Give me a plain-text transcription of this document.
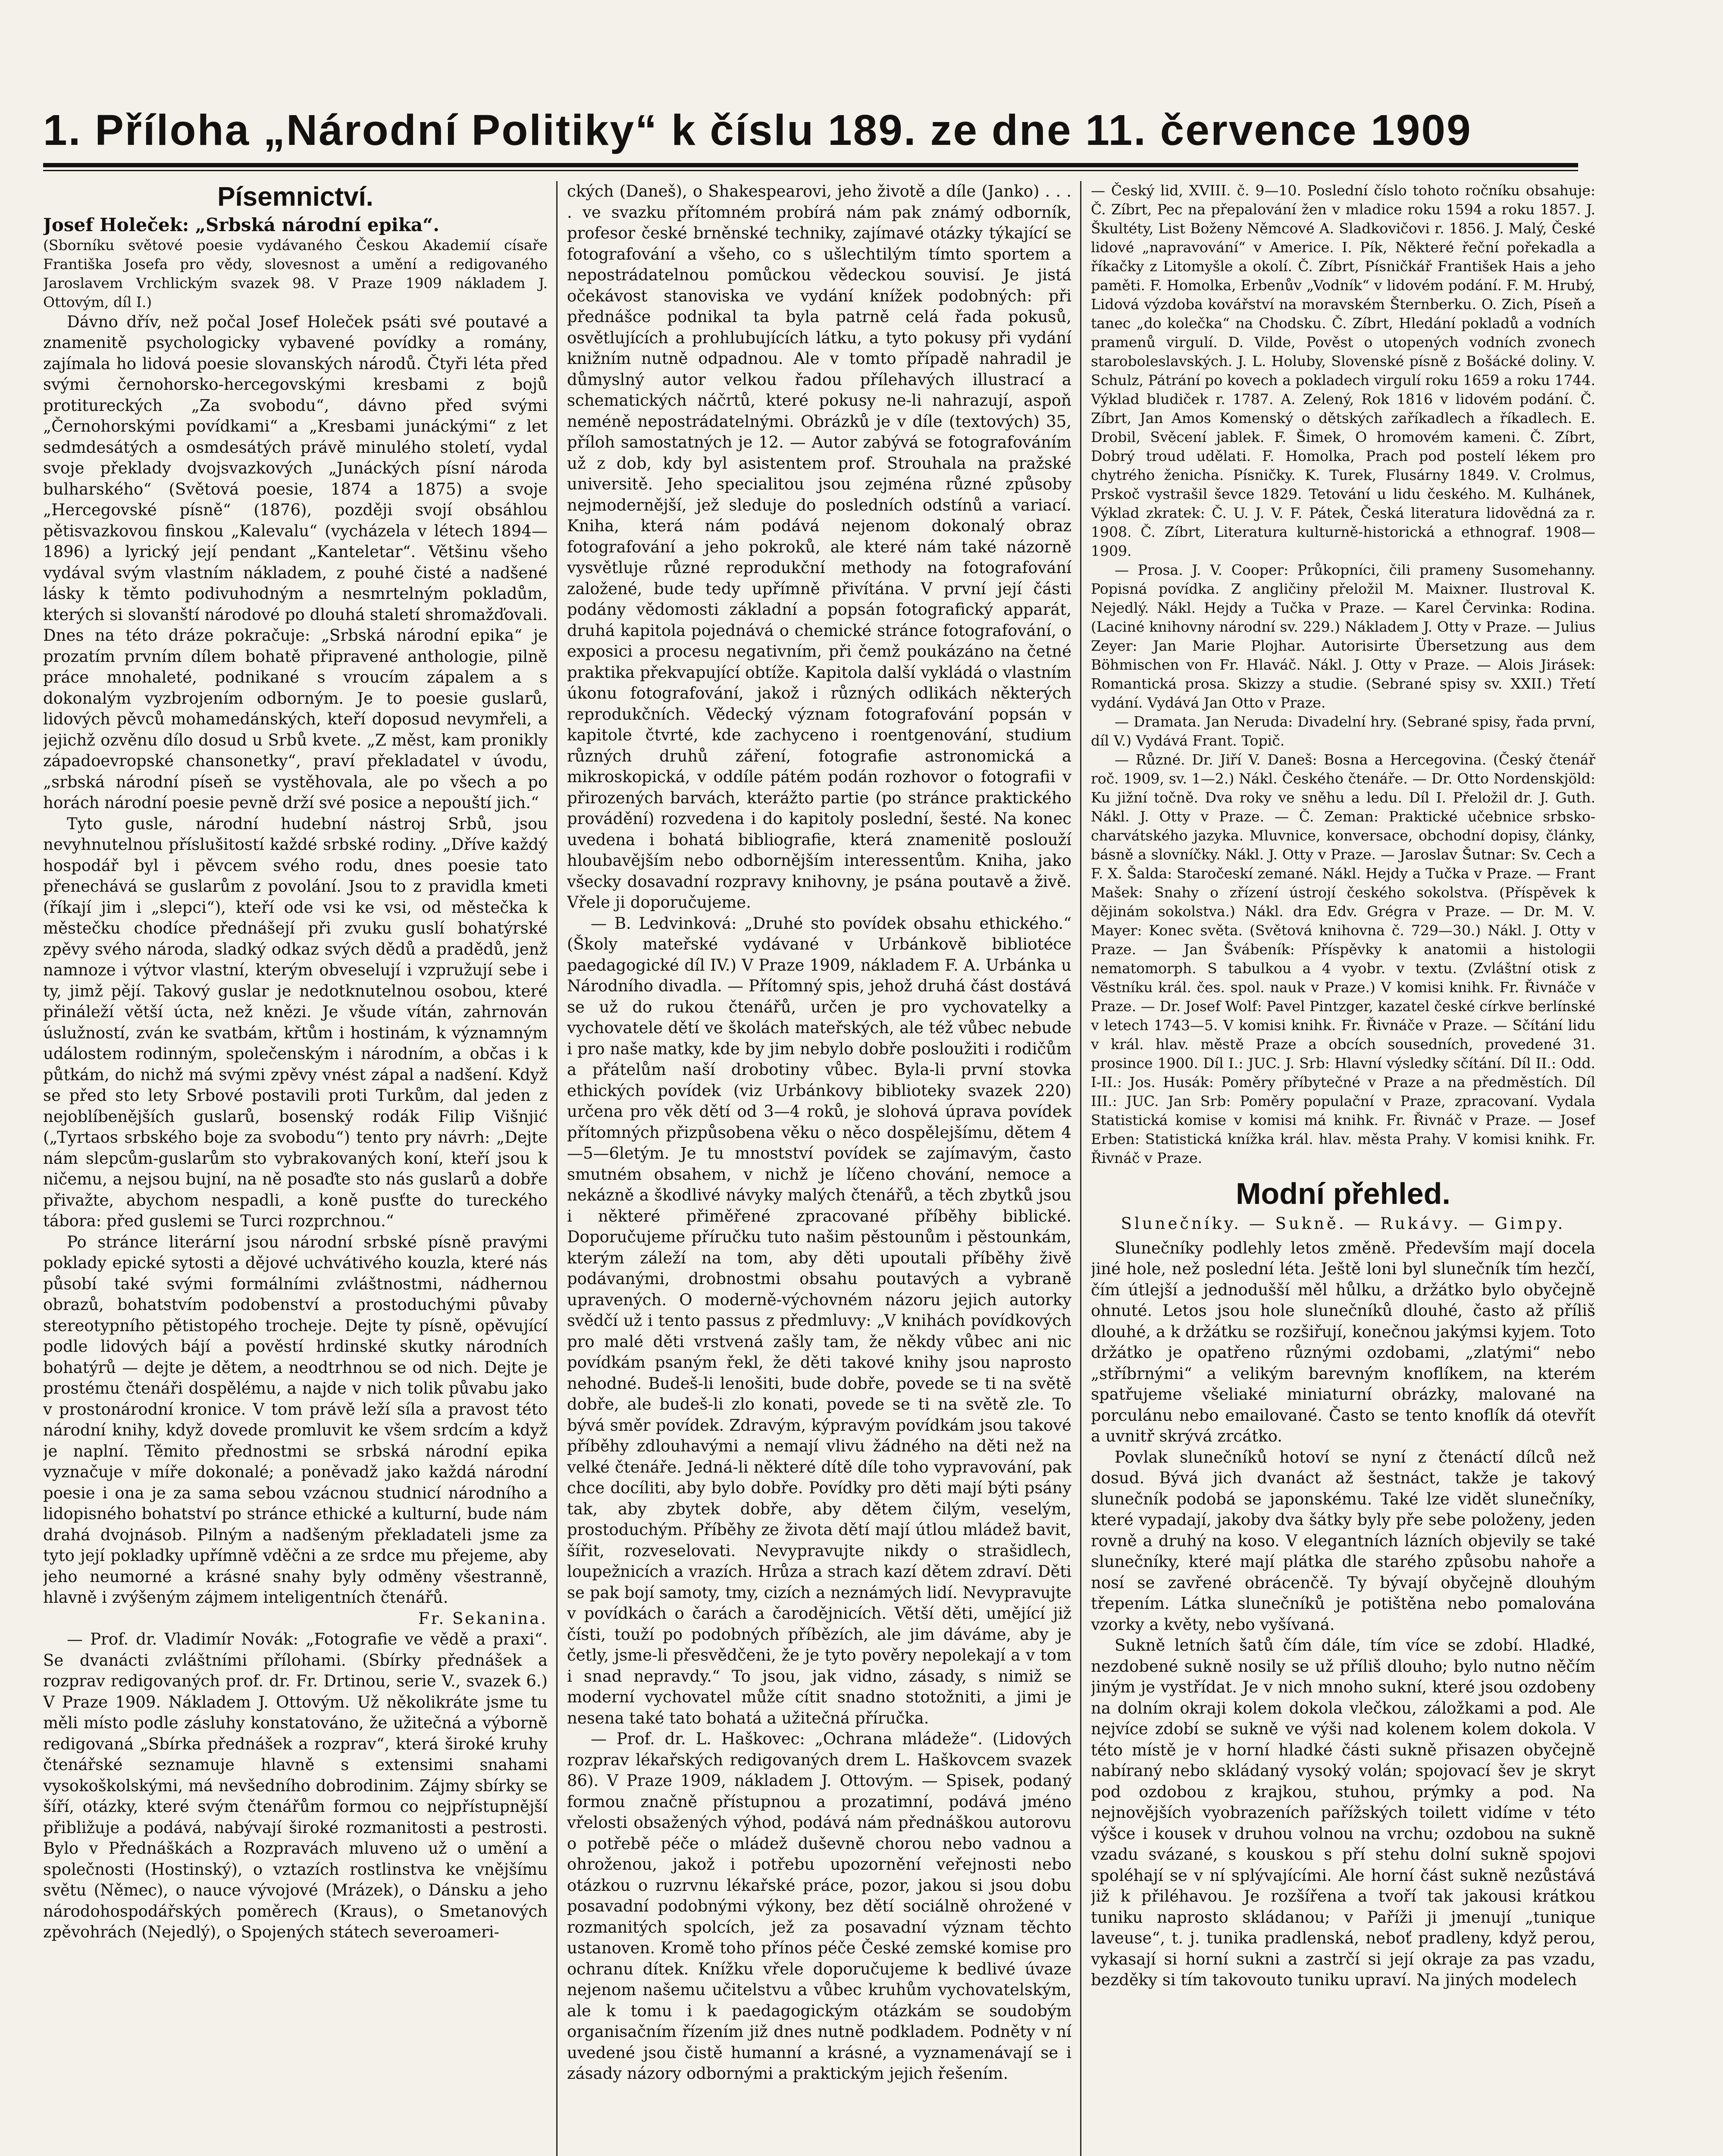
1. Příloha „Národní Politiky“ k číslu 189. ze dne 11. července 1909
Písemnictví.

Josef Holeček: „Srbská národní epika“.

(Sborníku světové poesie vydávaného Českou Akademií císaře Františka Josefa pro vědy, slovesnost a umění a redigovaného Jaroslavem Vrchlickým svazek 98. V Praze 1909 nákladem J. Ottovým, díl I.)

Dávno dřív, než počal Josef Holeček psáti své poutavé a znamenitě psychologicky vybavené povídky a romány, zajímala ho lidová poesie slovanských národů. Čtyři léta před svými černohorsko-hercegovskými kresbami z bojů protitureckých „Za svobodu“, dávno před svými „Černohorskými povídkami“ a „Kresbami junáckými“ z let sedmdesátých a osmdesátých právě minulého století, vydal svoje překlady dvojsvazkových „Junáckých písní národa bulharského“ (Světová poesie, 1874 a 1875) a svoje „Hercegovské písně“ (1876), později svojí obsáhlou pětisvazkovou finskou „Kalevalu“ (vycházela v létech 1894—1896) a lyrický její pendant „Kanteletar“. Většinu všeho vydával svým vlastním nákladem, z pouhé čisté a nadšené lásky k těmto podivuhodným a nesmrtelným pokladům, kterých si slovanští národové po dlouhá staletí shromažďovali. Dnes na této dráze pokračuje: „Srbská národní epika“ je prozatím prvním dílem bohatě připravené anthologie, pilně práce mnohaleté, podnikané s vroucím zápalem a s dokonalým vyzbrojením odborným. Je to poesie guslarů, lidových pěvců mohamedánských, kteří doposud nevymřeli, a jejichž ozvěnu dílo dosud u Srbů kvete. „Z měst, kam pronikly západoevropské chansonetky“, praví překladatel v úvodu, „srbská národní píseň se vystěhovala, ale po všech a po horách národní poesie pevně drží své posice a nepouští jich.“

Tyto gusle, národní hudební nástroj Srbů, jsou nevyhnutelnou příslušitostí každé srbské rodiny. „Dříve každý hospodář byl i pěvcem svého rodu, dnes poesie tato přenechává se guslarům z povolání. Jsou to z pravidla kmeti (říkají jim i „slepci“), kteří ode vsi ke vsi, od městečka k městečku chodíce přednášejí při zvuku guslí bohatýrské zpěvy svého národa, sladký odkaz svých dědů a pradědů, jenž namnoze i výtvor vlastní, kterým obveselují i vzpružují sebe i ty, jimž pějí. Takový guslar je nedotknutelnou osobou, které přináleží větší úcta, než knězi. Je všude vítán, zahrnován úslužností, zván ke svatbám, křtům i hostinám, k významným událostem rodinným, společenským i národním, a občas i k půtkám, do nichž má svými zpěvy vnést zápal a nadšení. Když se před sto lety Srbové postavili proti Turkům, dal jeden z nejoblíbenějších guslarů, bosenský rodák Filip Višnjić („Tyrtaos srbského boje za svobodu“) tento pry návrh: „Dejte nám slepcům-guslarům sto vybrakovaných koní, kteří jsou k ničemu, a nejsou bujní, na ně posaďte sto nás guslarů a dobře přivažte, abychom nespadli, a koně pusťte do tureckého tábora: před guslemi se Turci rozprchnou.“

Po stránce literární jsou národní srbské písně pravými poklady epické sytosti a dějové uchvátivého kouzla, které nás působí také svými formálními zvláštnostmi, nádhernou obrazů, bohatstvím podobenství a prostoduchými půvaby stereotypního pětistopého trocheje. Dejte ty písně, opěvující podle lidových bájí a pověstí hrdinské skutky národních bohatýrů — dejte je dětem, a neodtrhnou se od nich. Dejte je prostému čtenáři dospělému, a najde v nich tolik půvabu jako v prostonárodní kronice. V tom právě leží síla a pravost této národní knihy, když dovede promluvit ke všem srdcím a když je naplní. Těmito přednostmi se srbská národní epika vyznačuje v míře dokonalé; a poněvadž jako každá národní poesie i ona je za sama sebou vzácnou studnicí národního a lidopisného bohatství po stránce ethické a kulturní, bude nám drahá dvojnásob. Pilným a nadšeným překladateli jsme za tyto její pokladky upřímně vděčni a ze srdce mu přejeme, aby jeho neumorné a krásné snahy byly odměny všestranně, hlavně i zvýšeným zájmem inteligentních čtenářů.

Fr. Sekanina.

— Prof. dr. Vladimír Novák: „Fotografie ve vědě a praxi“. Se dvanácti zvláštními přílohami. (Sbírky přednášek a rozprav redigovaných prof. dr. Fr. Drtinou, serie V., svazek 6.) V Praze 1909. Nákladem J. Ottovým. Už několikráte jsme tu měli místo podle zásluhy konstatováno, že užitečná a výborně redigovaná „Sbírka přednášek a rozprav“, která široké kruhy čtenářské seznamuje hlavně s extensimi snahami vysokoškolskými, má nevšedního dobrodinim. Zájmy sbírky se šíří, otázky, které svým čtenářům formou co nejpřístupnější přibližuje a podává, nabývají široké rozmanitosti a pestrosti. Bylo v Přednáškách a Rozpravách mluveno už o umění a společnosti (Hostinský), o vztazích rostlinstva ke vnějšímu světu (Němec), o nauce vývojové (Mrázek), o Dánsku a jeho národohospodářských poměrech (Kraus), o Smetanových zpěvohrách (Nejedlý), o Spojených státech severoameri-

ckých (Daneš), o Shakespearovi, jeho životě a díle (Janko) . . . . ve svazku přítomném probírá nám pak známý odborník, profesor české brněnské techniky, zajímavé otázky týkající se fotografování a všeho, co s ušlechtilým tímto sportem a nepostrádatelnou pomůckou vědeckou souvisí. Je jistá očekávost stanoviska ve vydání knížek podobných: při přednášce podnikal ta byla patrně celá řada pokusů, osvětlujících a prohlubujících látku, a tyto pokusy při vydání knižním nutně odpadnou. Ale v tomto případě nahradil je důmyslný autor velkou řadou přílehavých illustrací a schematických náčrtů, které pokusy ne-li nahrazují, aspoň neméně nepostrádatelnými. Obrázků je v díle (textových) 35, příloh samostatných je 12. — Autor zabývá se fotografováním už z dob, kdy byl asistentem prof. Strouhala na pražské universitě. Jeho specialitou jsou zejména různé způsoby nejmodernější, jež sleduje do posledních odstínů a variací. Kniha, která nám podává nejenom dokonalý obraz fotografování a jeho pokroků, ale které nám také názorně vysvětluje různé reprodukční methody na fotografování založené, bude tedy upřímně přivítána. V první její části podány vědomosti základní a popsán fotografický apparát, druhá kapitola pojednává o chemické stránce fotografování, o exposici a procesu negativním, při čemž poukázáno na četné praktika překvapující obtíže. Kapitola další vykládá o vlastním úkonu fotografování, jakož i různých odlikách některých reprodukčních. Vědecký význam fotografování popsán v kapitole čtvrté, kde zachyceno i roentgenování, studium různých druhů záření, fotografie astronomická a mikroskopická, v oddíle pátém podán rozhovor o fotografii v přirozených barvách, kterážto partie (po stránce praktického provádění) rozvedena i do kapitoly poslední, šesté. Na konec uvedena i bohatá bibliografie, která znamenitě poslouží hloubavějším nebo odbornějším interessentům. Kniha, jako všecky dosavadní rozpravy knihovny, je psána poutavě a živě. Vřele ji doporučujeme.

— B. Ledvinková: „Druhé sto povídek obsahu ethického.“ (Školy mateřské vydávané v Urbánkově bibliotéce paedagogické díl IV.) V Praze 1909, nákladem F. A. Urbánka u Národního divadla. — Přítomný spis, jehož druhá část dostává se už do rukou čtenářů, určen je pro vychovatelky a vychovatele dětí ve školách mateřských, ale též vůbec nebude i pro naše matky, kde by jim nebylo dobře posloužiti i rodičům a přátelům naší drobotiny vůbec. Byla-li první stovka ethických povídek (viz Urbánkovy biblioteky svazek 220) určena pro věk dětí od 3—4 roků, je slohová úprava povídek přítomných přizpůsobena věku o něco dospělejšímu, dětem 4—5—6letým. Je tu mnostství povídek se zajímavým, často smutném obsahem, v nichž je líčeno chování, nemoce a nekázně a škodlivé návyky malých čtenářů, a těch zbytků jsou i některé přiměřené zpracované příběhy biblické. Doporučujeme příručku tuto našim pěstounům i pěstounkám, kterým záleží na tom, aby děti upoutali příběhy živě podávanými, drobnostmi obsahu poutavých a vybraně upravených. O moderně-výchovném názoru jejich autorky svědčí už i tento passus z předmluvy: „V knihách povídkových pro malé děti vrstvená zašly tam, že někdy vůbec ani nic povídkám psaným řekl, že děti takové knihy jsou naprosto nehodné. Budeš-li lenošiti, bude dobře, povede se ti na světě dobře, ale budeš-li zlo konati, povede se ti na světě zle. To bývá směr povídek. Zdravým, kýpravým povídkám jsou takové příběhy zdlouhavými a nemají vlivu žádného na děti než na velké čtenáře. Jedná-li některé dítě díle toho vypravování, pak chce docíliti, aby bylo dobře. Povídky pro děti mají býti psány tak, aby zbytek dobře, aby dětem čilým, veselým, prostoduchým. Příběhy ze života dětí mají útlou mládež bavit, šířit, rozveselovati. Nevypravujte nikdy o strašidlech, loupežnicích a vrazích. Hrůza a strach kazí dětem zdraví. Děti se pak bojí samoty, tmy, cizích a neznámých lidí. Nevypravujte v povídkách o čarách a čarodějnicích. Větší děti, umějící již čísti, touží po podobných příbězích, ale jim dáváme, aby je četly, jsme-li přesvědčeni, že je tyto pověry nepolekají a v tom i snad nepravdy.“ To jsou, jak vidno, zásady, s nimiž se moderní vychovatel může cítit snadno stotožniti, a jimi je nesena také tato bohatá a užitečná příručka.

— Prof. dr. L. Haškovec: „Ochrana mládeže“. (Lidových rozprav lékařských redigovaných drem L. Haškovcem svazek 86). V Praze 1909, nákladem J. Ottovým. — Spisek, podaný formou značně přístupnou a prozatimní, podává jméno vřelosti obsažených výhod, podává nám přednáškou autorovu o potřebě péče o mládež duševně chorou nebo vadnou a ohroženou, jakož i potřebu upozornění veřejnosti nebo otázkou o ruzrvnu lékařské práce, pozor, jakou si jsou dobu posavadní podobnými výkony, bez dětí sociálně ohrožené v rozmanitých spolcích, jež za posavadní význam těchto ustanoven. Kromě toho přínos péče České zemské komise pro ochranu dítek. Knížku vřele doporučujeme k bedlivé úvaze nejenom našemu učitelstvu a vůbec kruhům vychovatelským, ale k tomu i k paedagogickým otázkám se soudobým organisačním řízením již dnes nutně podkladem. Podněty v ní uvedené jsou čistě humanní a krásné, a vyznamenávají se i zásady názory odbornými a praktickým jejich řešením.

— Český lid, XVIII. č. 9—10. Poslední číslo tohoto ročníku obsahuje: Č. Zíbrt, Pec na přepalování žen v mladice roku 1594 a roku 1857. J. Škultéty, List Boženy Němcové A. Sladkovičovi r. 1856. J. Malý, České lidové „napravování“ v Americe. I. Pík, Některé řeční pořekadla a říkačky z Litomyšle a okolí. Č. Zíbrt, Písničkář František Hais a jeho paměti. F. Homolka, Erbenův „Vodník“ v lidovém podání. F. M. Hrubý, Lidová výzdoba kovářství na moravském Šternberku. O. Zich, Píseň a tanec „do kolečka“ na Chodsku. Č. Zíbrt, Hledání pokladů a vodních pramenů virgulí. D. Vilde, Pověst o utopených vodních zvonech staroboleslavských. J. L. Holuby, Slovenské písně z Bošácké doliny. V. Schulz, Pátrání po kovech a pokladech virgulí roku 1659 a roku 1744. Výklad bludiček r. 1787. A. Zelený, Rok 1816 v lidovém podání. Č. Zíbrt, Jan Amos Komenský o dětských zaříkadlech a říkadlech. E. Drobil, Svěcení jablek. F. Šimek, O hromovém kameni. Č. Zíbrt, Dobrý troud udělati. F. Homolka, Prach pod postelí lékem pro chytrého ženicha. Písničky. K. Turek, Flusárny 1849. V. Crolmus, Prskoč vystrašil ševce 1829. Tetování u lidu českého. M. Kulhánek, Výklad zkratek: Č. U. J. V. F. Pátek, Česká literatura lidovědná za r. 1908. Č. Zíbrt, Literatura kulturně-historická a ethnograf. 1908—1909.

— Prosa. J. V. Cooper: Průkopníci, čili prameny Susomehanny. Popisná povídka. Z angličiny přeložil M. Maixner. Ilustroval K. Nejedlý. Nákl. Hejdy a Tučka v Praze. — Karel Červinka: Rodina. (Laciné knihovny národní sv. 229.) Nákladem J. Otty v Praze. — Julius Zeyer: Jan Marie Plojhar. Autorisirte Übersetzung aus dem Böhmischen von Fr. Hlaváč. Nákl. J. Otty v Praze. — Alois Jirásek: Romantická prosa. Skizzy a studie. (Sebrané spisy sv. XXII.) Třetí vydání. Vydává Jan Otto v Praze.

— Dramata. Jan Neruda: Divadelní hry. (Sebrané spisy, řada první, díl V.) Vydává Frant. Topič.

— Různé. Dr. Jiří V. Daneš: Bosna a Hercegovina. (Český čtenář roč. 1909, sv. 1—2.) Nákl. Českého čtenáře. — Dr. Otto Nordenskjöld: Ku jižní točně. Dva roky ve sněhu a ledu. Díl I. Přeložil dr. J. Guth. Nákl. J. Otty v Praze. — Č. Zeman: Praktické učebnice srbsko-charvátského jazyka. Mluvnice, konversace, obchodní dopisy, články, básně a slovníčky. Nákl. J. Otty v Praze. — Jaroslav Šutnar: Sv. Cech a F. X. Šalda: Staročeskí zemané. Nákl. Hejdy a Tučka v Praze. — Frant Mašek: Snahy o zřízení ústrojí českého sokolstva. (Příspěvek k dějinám sokolstva.) Nákl. dra Edv. Grégra v Praze. — Dr. M. V. Mayer: Konec světa. (Světová knihovna č. 729—30.) Nákl. J. Otty v Praze. — Jan Švábeník: Příspěvky k anatomii a histologii nematomorph. S tabulkou a 4 vyobr. v textu. (Zvláštní otisk z Věstníku král. čes. spol. nauk v Praze.) V komisi knihk. Fr. Řivnáče v Praze. — Dr. Josef Wolf: Pavel Pintzger, kazatel české církve berlínské v letech 1743—5. V komisi knihk. Fr. Řivnáče v Praze. — Sčítání lidu v král. hlav. městě Praze a obcích sousedních, provedené 31. prosince 1900. Díl I.: JUC. J. Srb: Hlavní výsledky sčítání. Díl II.: Odd. I-II.: Jos. Husák: Poměry příbytečné v Praze a na předměstích. Díl III.: JUC. Jan Srb: Poměry populační v Praze, zpracovaní. Vydala Statistická komise v komisi má knihk. Fr. Řivnáč v Praze. — Josef Erben: Statistická knížka král. hlav. města Prahy. V komisi knihk. Fr. Řivnáč v Praze.

Modní přehled.

Slunečníky. — Sukně. — Rukávy. — Gimpy.

Slunečníky podlehly letos změně. Především mají docela jiné hole, než poslední léta. Ještě loni byl slunečník tím hezčí, čím útlejší a jednodušší měl hůlku, a držátko bylo obyčejně ohnuté. Letos jsou hole slunečníků dlouhé, často až příliš dlouhé, a k držátku se rozšiřují, konečnou jakýmsi kyjem. Toto držátko je opatřeno různými ozdobami, „zlatými“ nebo „stříbrnými“ a velikým barevným knoflíkem, na kterém spatřujeme všeliaké miniaturní obrázky, malované na porculánu nebo emailované. Často se tento knoflík dá otevřít a uvnitř skrývá zrcátko.

Povlak slunečníků hotoví se nyní z čtenáctí dílců než dosud. Bývá jich dvanáct až šestnáct, takže je takový slunečník podobá se japonskému. Také lze vidět slunečníky, které vypadají, jakoby dva šátky byly pře sebe položeny, jeden rovně a druhý na koso. V elegantních lázních objevily se také slunečníky, které mají plátka dle starého způsobu nahoře a nosí se zavřené obrácenčě. Ty bývají obyčejně dlouhým třepením. Látka slunečníků je potištěna nebo pomalována vzorky a květy, nebo vyšívaná.

Sukně letních šatů čím dále, tím více se zdobí. Hladké, nezdobené sukně nosily se už příliš dlouho; bylo nutno něčím jiným je vystřídat. Je v nich mnoho sukní, které jsou ozdobeny na dolním okraji kolem dokola vlečkou, záložkami a pod. Ale nejvíce zdobí se sukně ve výši nad kolenem kolem dokola. V této místě je v horní hladké části sukně přisazen obyčejně nabíraný nebo skládaný vysoký volán; spojovací šev je skryt pod ozdobou z krajkou, stuhou, prýmky a pod. Na nejnovějších vyobrazeních pařížských toilett vidíme v této výšce i kousek v druhou volnou na vrchu; ozdobou na sukně vzadu svázané, s kouskou s pří stehu dolní sukně spojovi spoléhají se v ní splývajícími. Ale horní část sukně nezůstává již k přiléhavou. Je rozšířena a tvoří tak jakousi krátkou tuniku naprosto skládanou; v Paříži ji jmenují „tunique laveuse“, t. j. tunika pradlenská, neboť pradleny, když perou, vykasají si horní sukni a zastrčí si její okraje za pas vzadu, bezděky si tím takovouto tuniku upraví. Na jiných modelech
